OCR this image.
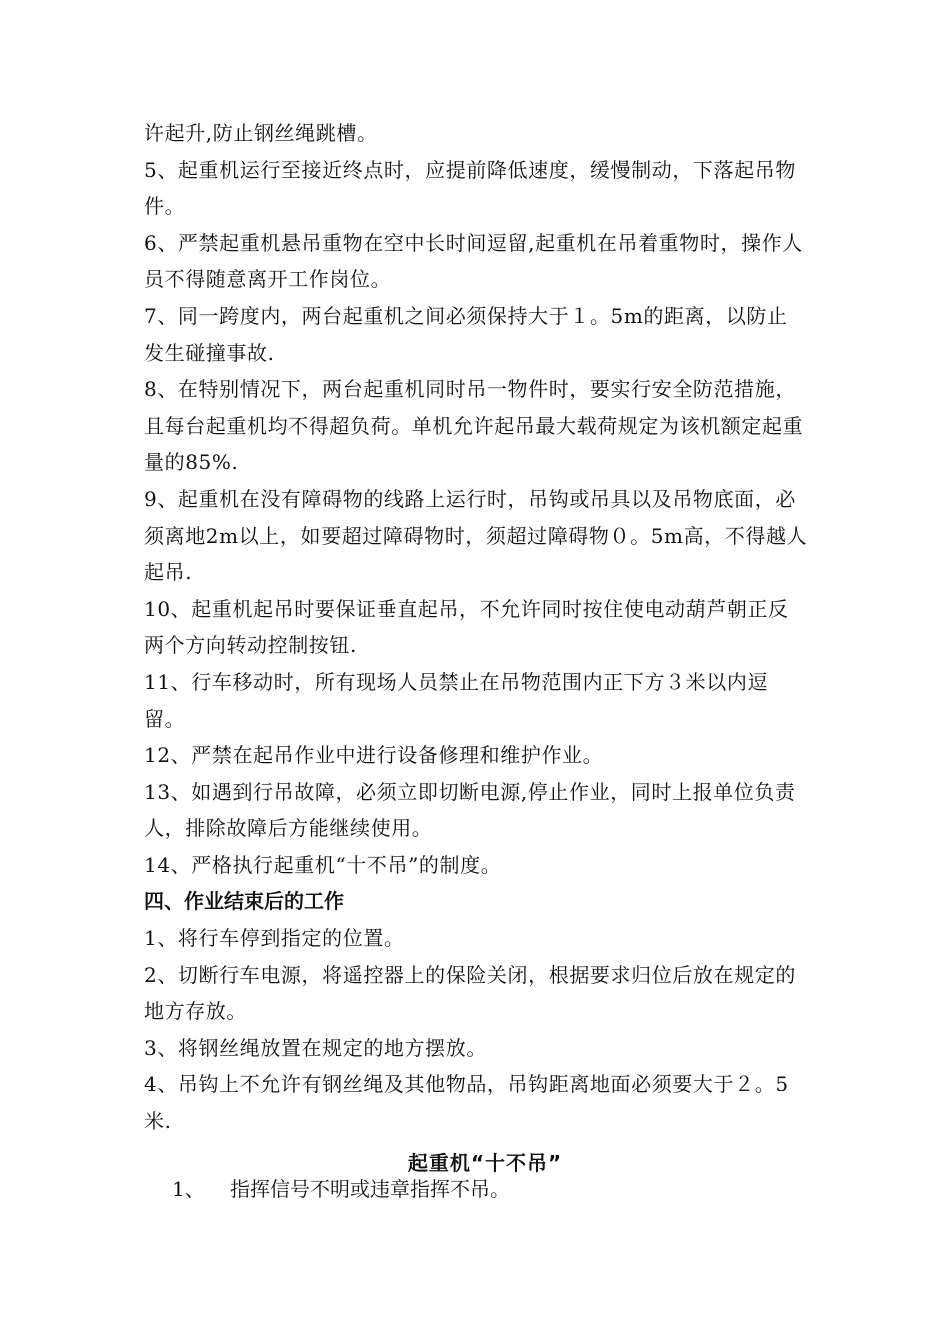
许起升,防止钢丝绳跳槽。

5、起重机运行至接近终点时，应提前降低速度，缓慢制动，下落起吊物件。

6、严禁起重机悬吊重物在空中长时间逗留,起重机在吊着重物时，操作人员不得随意离开工作岗位。

7、同一跨度内，两台起重机之间必须保持大于１。5m的距离，以防止发生碰撞事故.

8、在特别情况下，两台起重机同时吊一物件时，要实行安全防范措施，且每台起重机均不得超负荷。单机允许起吊最大载荷规定为该机额定起重量的85%.

9、起重机在没有障碍物的线路上运行时，吊钩或吊具以及吊物底面，必须离地2m以上，如要超过障碍物时，须超过障碍物０。5m高，不得越人起吊.

10、起重机起吊时要保证垂直起吊，不允许同时按住使电动葫芦朝正反两个方向转动控制按钮.

11、行车移动时，所有现场人员禁止在吊物范围内正下方３米以内逗留。

12、严禁在起吊作业中进行设备修理和维护作业。

13、如遇到行吊故障，必须立即切断电源,停止作业，同时上报单位负责人，排除故障后方能继续使用。

14、严格执行起重机“十不吊”的制度。

四、作业结束后的工作

1、将行车停到指定的位置。

2、切断行车电源，将遥控器上的保险关闭，根据要求归位后放在规定的地方存放。

3、将钢丝绳放置在规定的地方摆放。

4、吊钩上不允许有钢丝绳及其他物品，吊钩距离地面必须要大于２。5米.

起重机“十不吊”
1、 指挥信号不明或违章指挥不吊。
